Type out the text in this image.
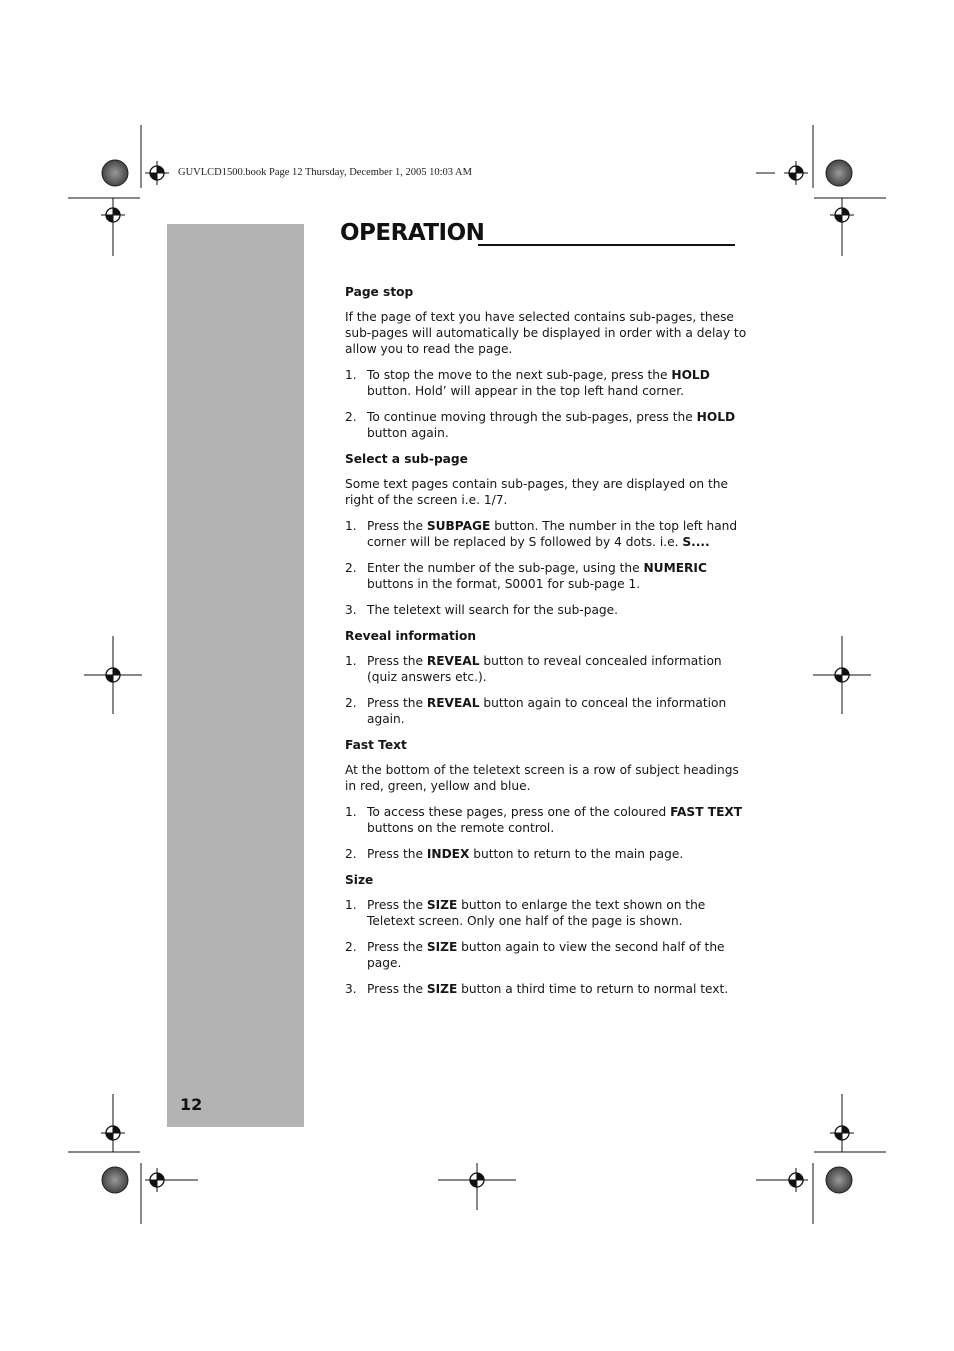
GUVLCD1500.book Page 12 Thursday, December 1, 2005 10:03 AM
12
OPERATION
Page stop

If the page of text you have selected contains sub-pages, these sub-pages will automatically be displayed in order with a delay to allow you to read the page.

1. To stop the move to the next sub-page, press the HOLD button. Hold’ will appear in the top left hand corner.
2. To continue moving through the sub-pages, press the HOLD button again.
Select a sub-page

Some text pages contain sub-pages, they are displayed on the right of the screen i.e. 1/7.

1. Press the SUBPAGE button. The number in the top left hand corner will be replaced by S followed by 4 dots. i.e. S....
2. Enter the number of the sub-page, using the NUMERIC buttons in the format, S0001 for sub-page 1.
3. The teletext will search for the sub-page.
Reveal information
1. Press the REVEAL button to reveal concealed information (quiz answers etc.).
2. Press the REVEAL button again to conceal the information again.
Fast Text

At the bottom of the teletext screen is a row of subject headings in red, green, yellow and blue.

1. To access these pages, press one of the coloured FAST TEXT buttons on the remote control.
2. Press the INDEX button to return to the main page.
Size
1. Press the SIZE button to enlarge the text shown on the Teletext screen. Only one half of the page is shown.
2. Press the SIZE button again to view the second half of the page.
3. Press the SIZE button a third time to return to normal text.
